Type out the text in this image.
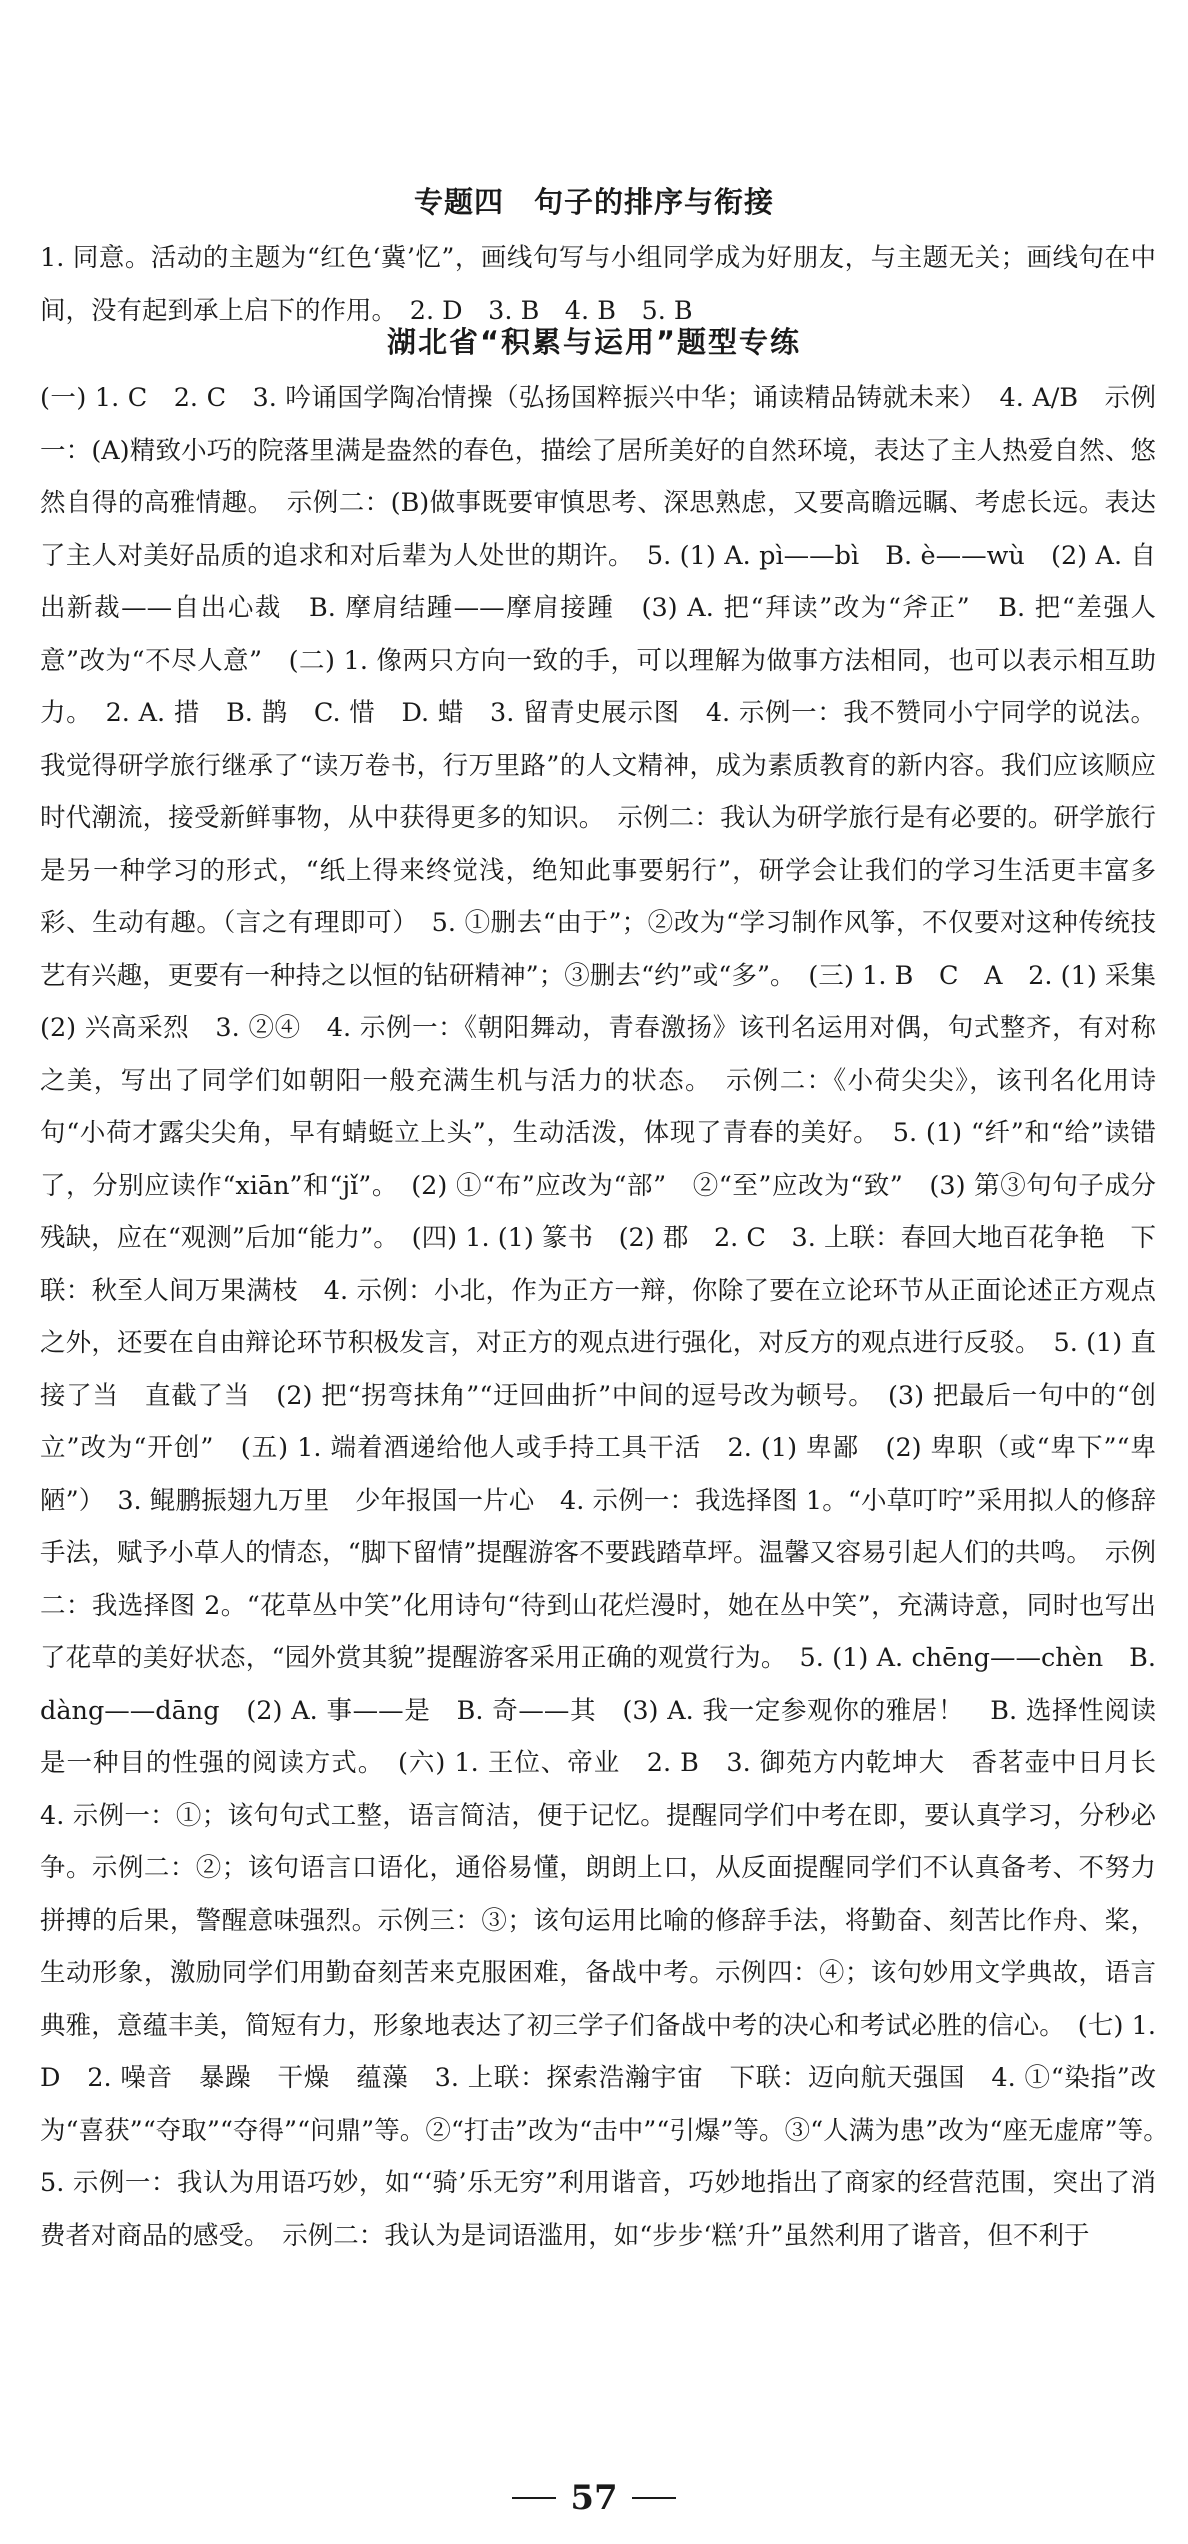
专题四　句子的排序与衔接

1. 同意。活动的主题为“红色‘冀’忆”，画线句写与小组同学成为好朋友，与主题无关；画线句在中间，没有起到承上启下的作用。　2. D　3. B　4. B　5. B

湖北省“积累与运用”题型专练

(一) 1. C　2. C　3. 吟诵国学陶冶情操（弘扬国粹振兴中华；诵读精品铸就未来）　4. A/B　示例一：(A)精致小巧的院落里满是盎然的春色，描绘了居所美好的自然环境，表达了主人热爱自然、悠然自得的高雅情趣。　示例二：(B)做事既要审慎思考、深思熟虑，又要高瞻远瞩、考虑长远。表达了主人对美好品质的追求和对后辈为人处世的期许。　5. (1) A. pì——bì　B. è——wù　(2) A. 自出新裁——自出心裁　B. 摩肩结踵——摩肩接踵　(3) A. 把“拜读”改为“斧正”　B. 把“差强人意”改为“不尽人意”　(二) 1. 像两只方向一致的手，可以理解为做事方法相同，也可以表示相互助力。　2. A. 措　B. 鹊　C. 惜　D. 蜡　3. 留青史展示图　4. 示例一：我不赞同小宁同学的说法。我觉得研学旅行继承了“读万卷书，行万里路”的人文精神，成为素质教育的新内容。我们应该顺应时代潮流，接受新鲜事物，从中获得更多的知识。　示例二：我认为研学旅行是有必要的。研学旅行是另一种学习的形式，“纸上得来终觉浅，绝知此事要躬行”，研学会让我们的学习生活更丰富多彩、生动有趣。（言之有理即可）　5. ①删去“由于”；②改为“学习制作风筝，不仅要对这种传统技艺有兴趣，更要有一种持之以恒的钻研精神”；③删去“约”或“多”。　(三) 1. B　C　A　2. (1) 采集　(2) 兴高采烈　3. ②④　4. 示例一：《朝阳舞动，青春激扬》该刊名运用对偶，句式整齐，有对称之美，写出了同学们如朝阳一般充满生机与活力的状态。　示例二：《小荷尖尖》，该刊名化用诗句“小荷才露尖尖角，早有蜻蜓立上头”，生动活泼，体现了青春的美好。　5. (1) “纤”和“给”读错了，分别应读作“xiān”和“jǐ”。　(2) ①“布”应改为“部”　②“至”应改为“致”　(3) 第③句句子成分残缺，应在“观测”后加“能力”。　(四) 1. (1) 篆书　(2) 郡　2. C　3. 上联：春回大地百花争艳　下联：秋至人间万果满枝　4. 示例：小北，作为正方一辩，你除了要在立论环节从正面论述正方观点之外，还要在自由辩论环节积极发言，对正方的观点进行强化，对反方的观点进行反驳。　5. (1) 直接了当　直截了当　(2) 把“拐弯抹角”“迂回曲折”中间的逗号改为顿号。　(3) 把最后一句中的“创立”改为“开创”　(五) 1. 端着酒递给他人或手持工具干活　2. (1) 卑鄙　(2) 卑职（或“卑下”“卑陋”）　3. 鲲鹏振翅九万里　少年报国一片心　4. 示例一：我选择图 1。“小草叮咛”采用拟人的修辞手法，赋予小草人的情态，“脚下留情”提醒游客不要践踏草坪。温馨又容易引起人们的共鸣。　示例二：我选择图 2。“花草丛中笑”化用诗句“待到山花烂漫时，她在丛中笑”，充满诗意，同时也写出了花草的美好状态，“园外赏其貌”提醒游客采用正确的观赏行为。　5. (1) A. chēng——chèn　B. dàng——dāng　(2) A. 事——是　B. 奇——其　(3) A. 我一定参观你的雅居！　B. 选择性阅读是一种目的性强的阅读方式。　(六) 1. 王位、帝业　2. B　3. 御苑方内乾坤大　香茗壶中日月长　4. 示例一：①；该句句式工整，语言简洁，便于记忆。提醒同学们中考在即，要认真学习，分秒必争。示例二：②；该句语言口语化，通俗易懂，朗朗上口，从反面提醒同学们不认真备考、不努力拼搏的后果，警醒意味强烈。示例三：③；该句运用比喻的修辞手法，将勤奋、刻苦比作舟、桨，生动形象，激励同学们用勤奋刻苦来克服困难，备战中考。示例四：④；该句妙用文学典故，语言典雅，意蕴丰美，简短有力，形象地表达了初三学子们备战中考的决心和考试必胜的信心。　(七) 1. D　2. 噪音　暴躁　干燥　蕴藻　3. 上联：探索浩瀚宇宙　下联：迈向航天强国　4. ①“染指”改为“喜获”“夺取”“夺得”“问鼎”等。②“打击”改为“击中”“引爆”等。③“人满为患”改为“座无虚席”等。　5. 示例一：我认为用语巧妙，如“‘骑’乐无穷”利用谐音，巧妙地指出了商家的经营范围，突出了消费者对商品的感受。　示例二：我认为是词语滥用，如“步步‘糕’升”虽然利用了谐音，但不利于

57
